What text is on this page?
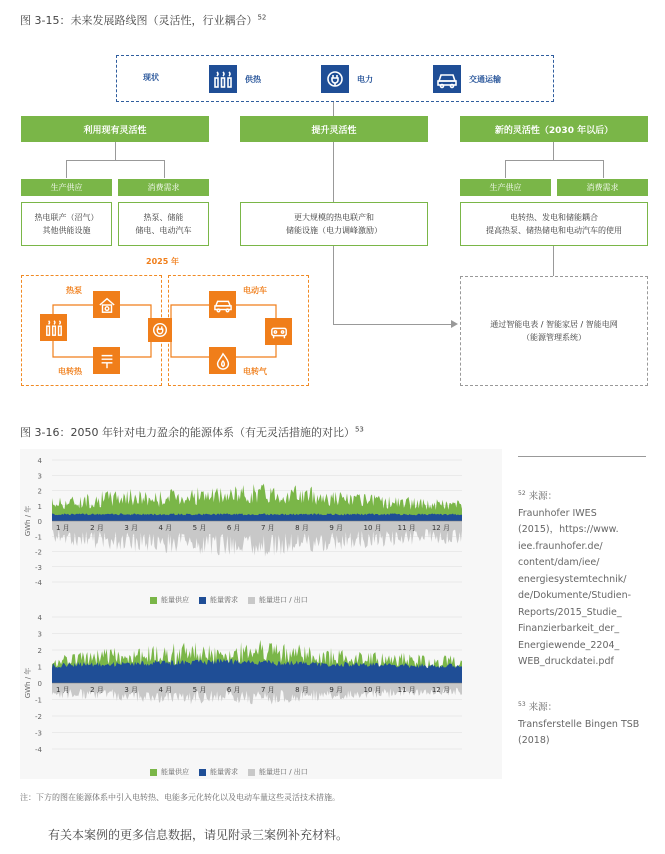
图 3-15：未来发展路线图（灵活性，行业耦合）$^{52}$
现状	供热	电力	交通运输
利用现有灵活性	提升灵活性	新的灵活性（2030 年以后）
生产供应	消费需求	生产供应	消费需求
热电联产（沼气）
其他供能设施
热泵、储能
储电、电动汽车
更大规模的热电联产和
储能设施（电力调峰激励）
电转热、发电和储能耦合
提高热泵、储热储电和电动汽车的使用
通过智能电表 / 智能家居 / 智能电网
（能源管理系统）
2025 年
热泵
电转热
电动车
电转气
图 3-16：2050 年针对电力盈余的能源体系（有无灵活措施的对比）$^{53}$
4
3
2
1
0
-1
-2
-3
-4
GWh / 年	1 月	2 月	3 月	4 月	5 月	6 月	7 月	8 月	9 月	10 月 11 月 12 月
能量供应	能量需求	能量进口 / 出口
4
3
2
1
0
-1
-2
-3
-4
GWh / 年	1 月	2 月	3 月	4 月	5 月	6 月	7 月	8 月	9 月	10 月 11 月 12 月
能量供应	能量需求	能量进口 / 出口
$^{52}$ 来源：
Fraunhofer IWES
(2015)，https://www.
iee.fraunhofer.de/
content/dam/iee/
energiesystemtechnik/
de/Dokumente/Studien-
Reports/2015_Studie_
Finanzierbarkeit_der_
Energiewende_2204_
WEB_druckdatei.pdf
$^{53}$ 来源：
Transferstelle Bingen TSB
(2018)
注：下方的图在能源体系中引入电转热、电能多元化转化以及电动车量这些灵活技术措施。
有关本案例的更多信息数据，请见附录三案例补充材料。
